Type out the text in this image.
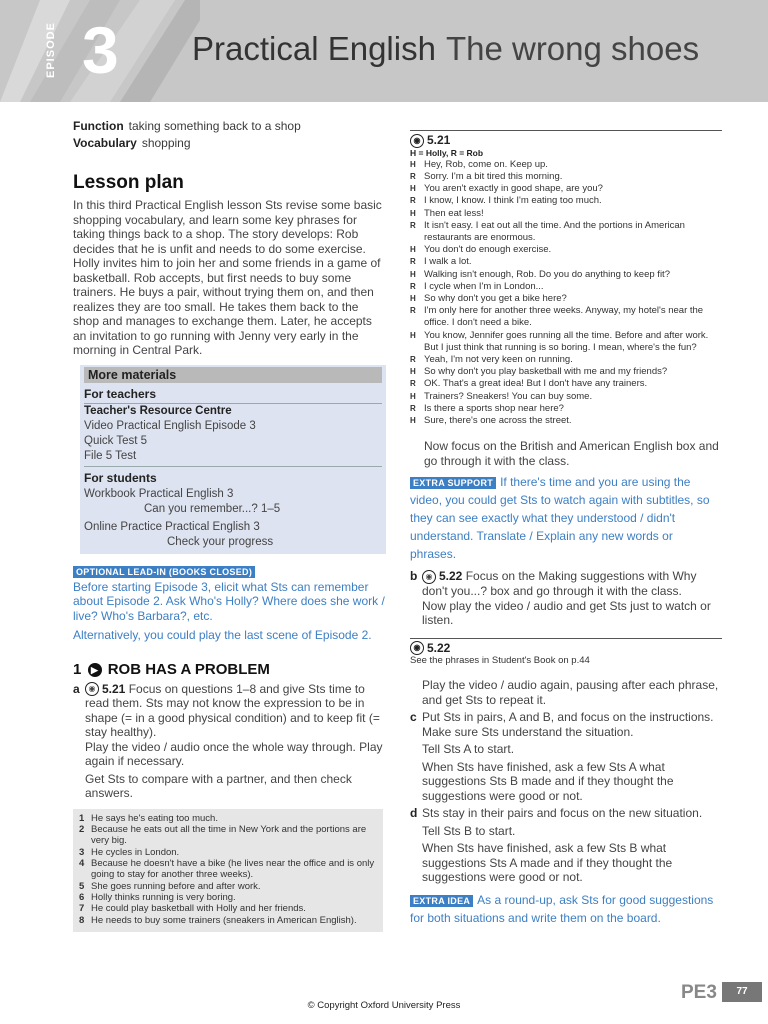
EPISODE 3 Practical English The wrong shoes
Function taking something back to a shop
Vocabulary shopping
Lesson plan

In this third Practical English lesson Sts revise some basic shopping vocabulary, and learn some key phrases for taking things back to a shop. The story develops: Rob decides that he is unfit and needs to do some exercise. Holly invites him to join her and some friends in a game of basketball. Rob accepts, but first needs to buy some trainers. He buys a pair, without trying them on, and then realizes they are too small. He takes them back to the shop and manages to exchange them. Later, he accepts an invitation to go running with Jenny very early in the morning in Central Park.

More materials
For teachers
Teacher's Resource Centre
Video Practical English Episode 3
Quick Test 5
File 5 Test
For students
Workbook Practical English 3
Can you remember...? 1–5
Online Practice Practical English 3
Check your progress
OPTIONAL LEAD-IN (BOOKS CLOSED)
Before starting Episode 3, elicit what Sts can remember about Episode 2. Ask Who's Holly? Where does she work / live? Who's Barbara?, etc.
Alternatively, you could play the last scene of Episode 2.
1 ▶ ROB HAS A PROBLEM
a ◉ 5.21 Focus on questions 1–8 and give Sts time to read them. Sts may not know the expression to be in shape (= in a good physical condition) and to keep fit (= stay healthy).
Play the video / audio once the whole way through. Play again if necessary.
Get Sts to compare with a partner, and then check answers.
1 He says he's eating too much.
2 Because he eats out all the time in New York and the portions are very big.
3 He cycles in London.
4 Because he doesn't have a bike (he lives near the office and is only going to stay for another three weeks).
5 She goes running before and after work.
6 Holly thinks running is very boring.
7 He could play basketball with Holly and her friends.
8 He needs to buy some trainers (sneakers in American English).
◉ 5.21
H = Holly, R = Rob
H Hey, Rob, come on. Keep up.
R Sorry. I'm a bit tired this morning.
H You aren't exactly in good shape, are you?
R I know, I know. I think I'm eating too much.
H Then eat less!
R It isn't easy. I eat out all the time. And the portions in American restaurants are enormous.
H You don't do enough exercise.
R I walk a lot.
H Walking isn't enough, Rob. Do you do anything to keep fit?
R I cycle when I'm in London...
H So why don't you get a bike here?
R I'm only here for another three weeks. Anyway, my hotel's near the office. I don't need a bike.
H You know, Jennifer goes running all the time. Before and after work. But I just think that running is so boring. I mean, where's the fun?
R Yeah, I'm not very keen on running.
H So why don't you play basketball with me and my friends?
R OK. That's a great idea! But I don't have any trainers.
H Trainers? Sneakers! You can buy some.
R Is there a sports shop near here?
H Sure, there's one across the street.
Now focus on the British and American English box and go through it with the class.
EXTRA SUPPORT If there's time and you are using the video, you could get Sts to watch again with subtitles, so they can see exactly what they understood / didn't understand. Translate / Explain any new words or phrases.
b ◉ 5.22 Focus on the Making suggestions with Why don't you...? box and go through it with the class.
Now play the video / audio and get Sts just to watch or listen.
◉ 5.22
See the phrases in Student's Book on p.44
Play the video / audio again, pausing after each phrase, and get Sts to repeat it.
c Put Sts in pairs, A and B, and focus on the instructions. Make sure Sts understand the situation.
Tell Sts A to start.
When Sts have finished, ask a few Sts A what suggestions Sts B made and if they thought the suggestions were good or not.
d Sts stay in their pairs and focus on the new situation.
Tell Sts B to start.
When Sts have finished, ask a few Sts B what suggestions Sts A made and if they thought the suggestions were good or not.
EXTRA IDEA As a round-up, ask Sts for good suggestions for both situations and write them on the board.
PE3	77
© Copyright Oxford University Press
